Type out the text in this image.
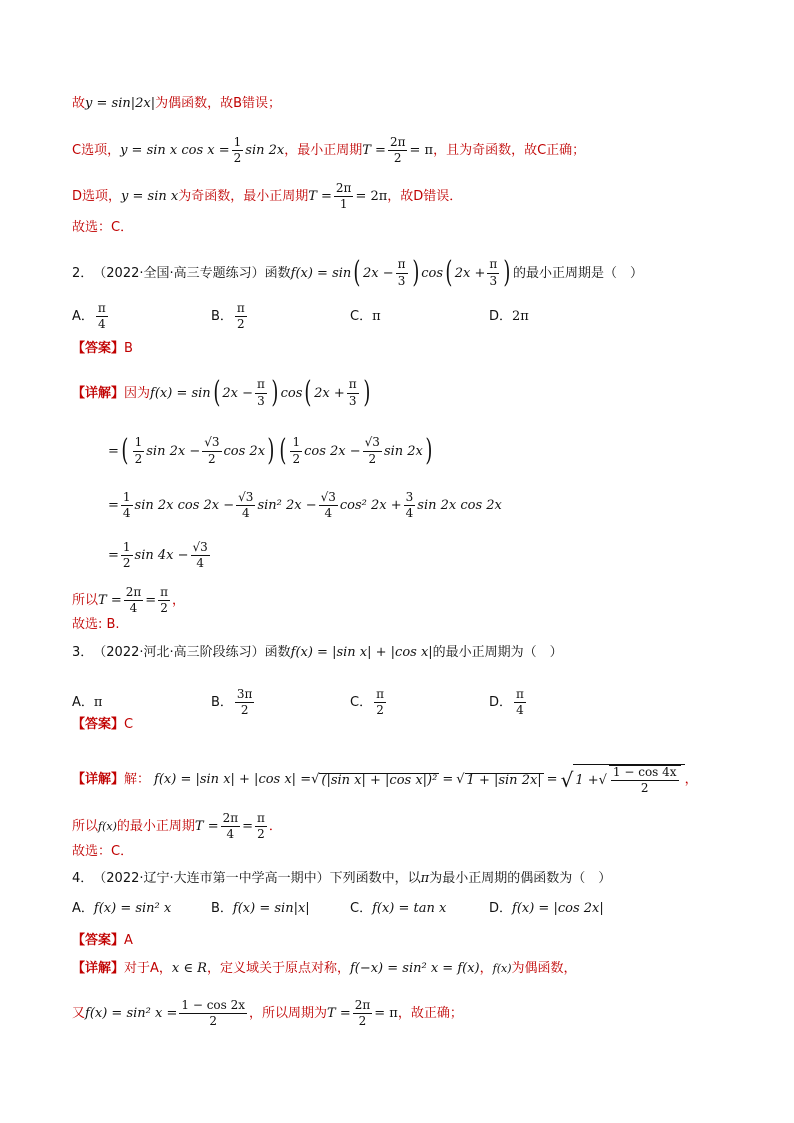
故 y = sin|2x| 为偶函数，故B错误；
C选项， y = sin x $\cos x = \frac{1}{2}$ sin 2x ，最小正周期 $T = \frac{2\pi}{2} = \pi$ ，且为奇函数，故C正确；
D选项， y = sin x 为奇函数，最小正周期 $T = \frac{2\pi}{1} = 2\pi$ ，故D错误．
故选：C．
2． （2022·全国·高三专题练习）函数 f(x) = sin ( $2x - \frac{\pi}{3}$ ) cos ( $2x + \frac{\pi}{3}$ ) 的最小正周期是（　）
A． $\frac{\pi}{4}$	B． $\frac{\pi}{2}$	C． π	D． 2π
【答案】 B
【详解】 因为 f(x) = sin ( $2x - \frac{\pi}{3}$ ) cos ( $2x + \frac{\pi}{3}$ )
= ( $\frac{1}{2}$ $\sin 2x - \frac{√3}{2}$ cos 2x ) ( $\frac{1}{2}$ $\cos 2x - \frac{√3}{2}$ sin 2x )
= $\frac{1}{4}$ sin 2x $\cos 2x - \frac{√3}{4} \sin^2$ $2x - \frac{√3}{4} \cos^2$ $2x + \frac{3}{4}$ sin 2x cos 2x
= $\frac{1}{2}$ $\sin 4x - \frac{√3}{4}$
所以 $T = \frac{2\pi}{4} = \frac{\pi}{2}$ ，
故选: B.
3． （2022·河北·高三阶段练习）函数 f(x) = |sin x| + |cos x| 的最小正周期为（　）
A． π	B． $\frac{3\pi}{2}$	C． $\frac{\pi}{2}$	D． $\frac{\pi}{4}$
【答案】 C
【详解】 解： f(x) = |sin x| + |cos x| = √ (|sin x| + |cos x|)² = √ 1 + |sin 2x| = √ 1 + √ $\frac{1 - \cos 4x}{2}$ ，
所以 f(x) 的最小正周期 $T = \frac{2\pi}{4} = \frac{\pi}{2}$ ．
故选：C．
4． （2022·辽宁·大连市第一中学高一期中）下列函数中，以 π 为最小正周期的偶函数为（　）
A． f(x) = sin² x	B． f(x) = sin|x|	C． f(x) = tan x	D． f(x) = |cos 2x|
【答案】 A
【详解】 对于A， x ∈ R ，定义域关于原点对称， f(−x) = sin² x = f(x) ， f(x) 为偶函数，
又 f(x) = sin² $x = \frac{1 - \cos 2x}{2}$ ，所以周期为 $T = \frac{2\pi}{2} = \pi$ ，故正确；
